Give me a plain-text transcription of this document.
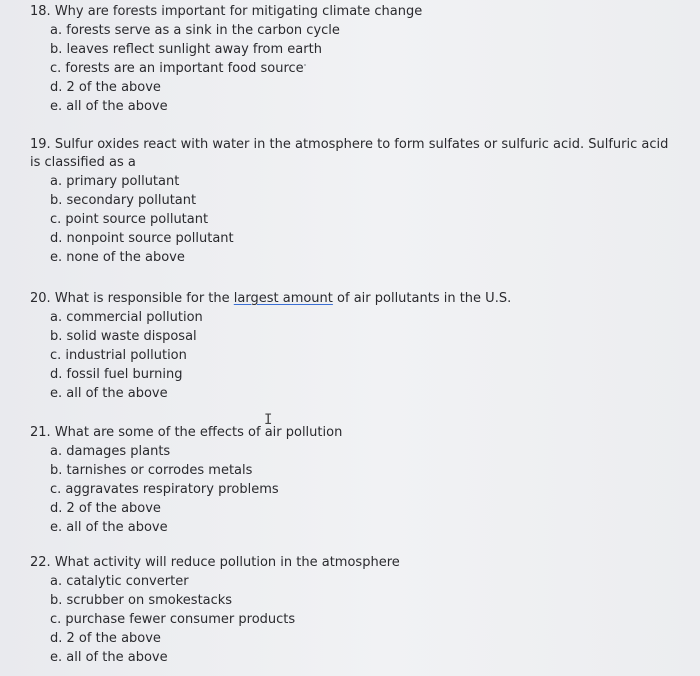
18. Why are forests important for mitigating climate change

a. forests serve as a sink in the carbon cycle
b. leaves reflect sunlight away from earth
c. forests are an important food source
d. 2 of the above
e. all of the above

19. Sulfur oxides react with water in the atmosphere to form sulfates or sulfuric acid. Sulfuric acid is classified as a

a. primary pollutant
b. secondary pollutant
c. point source pollutant
d. nonpoint source pollutant
e. none of the above

20. What is responsible for the largest amount of air pollutants in the U.S.

a. commercial pollution
b. solid waste disposal
c. industrial pollution
d. fossil fuel burning
e. all of the above

21. What are some of the effects of air pollution

a. damages plants
b. tarnishes or corrodes metals
c. aggravates respiratory problems
d. 2 of the above
e. all of the above

22. What activity will reduce pollution in the atmosphere

a. catalytic converter
b. scrubber on smokestacks
c. purchase fewer consumer products
d. 2 of the above
e. all of the above
I
